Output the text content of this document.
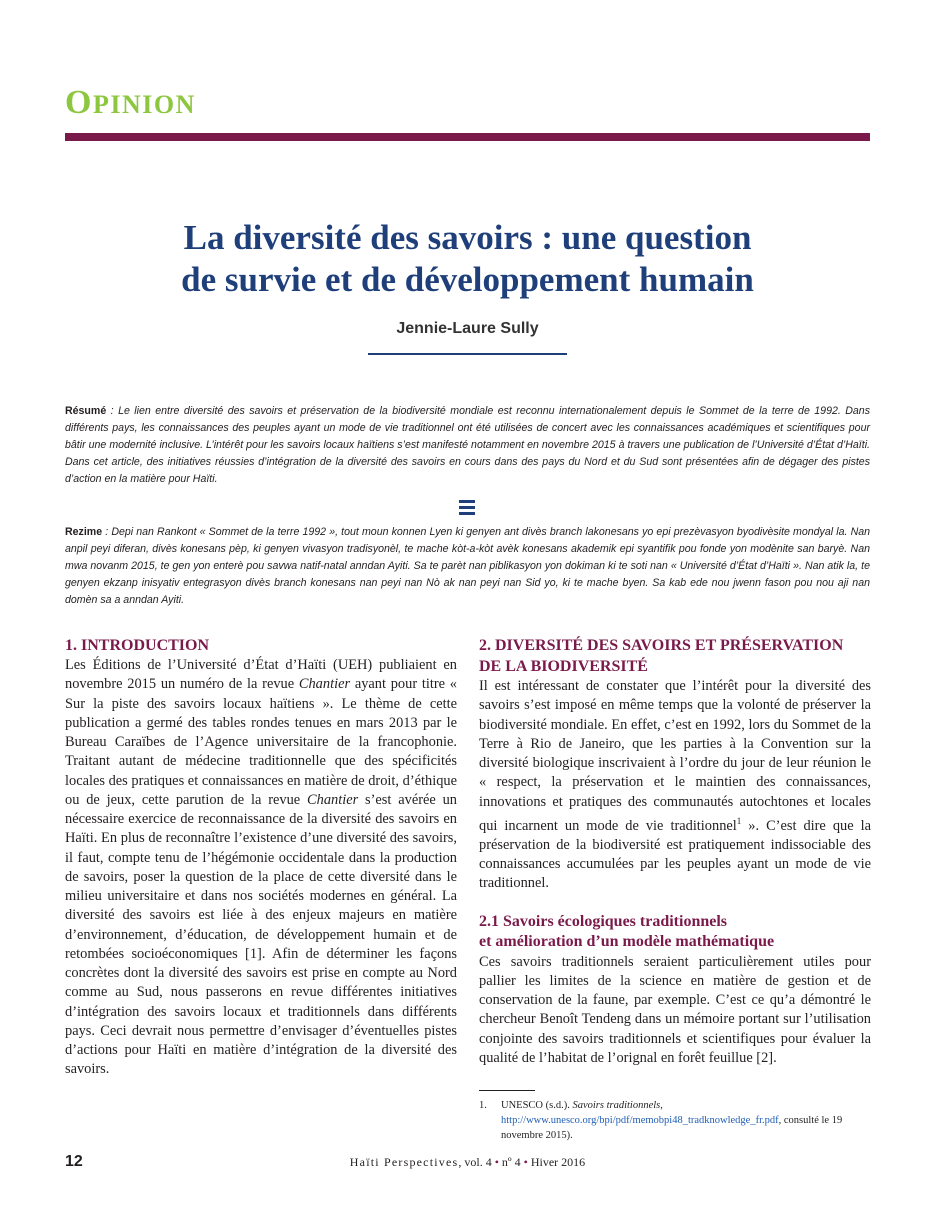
OPINION
La diversité des savoirs : une question
de survie et de développement humain
Jennie-Laure Sully
Résumé : Le lien entre diversité des savoirs et préservation de la biodiversité mondiale est reconnu internationalement depuis le Sommet de la terre de 1992. Dans différents pays, les connaissances des peuples ayant un mode de vie traditionnel ont été utilisées de concert avec les connaissances académiques et scientifiques pour bâtir une modernité inclusive. L’intérêt pour les savoirs locaux haïtiens s’est manifesté notamment en novembre 2015 à travers une publication de l’Université d’État d’Haïti. Dans cet article, des initiatives réussies d’intégration de la diversité des savoirs en cours dans des pays du Nord et du Sud sont présentées afin de dégager des pistes d’action en la matière pour Haïti.
Rezime : Depi nan Rankont « Sommet de la terre 1992 », tout moun konnen Lyen ki genyen ant divès branch lakonesans yo epi prezèvasyon byodivèsite mondyal la. Nan anpil peyi diferan, divès konesans pèp, ki genyen vivasyon tradisyonèl, te mache kòt-a-kòt avèk konesans akademik epi syantifik pou fonde yon modènite san baryè. Nan mwa novanm 2015, te gen yon enterè pou savwa natif-natal anndan Ayiti. Sa te parèt nan piblikasyon yon dokiman ki te soti nan « Université d’État d’Haïti ». Nan atik la, te genyen ekzanp inisyativ entegrasyon divès branch konesans nan peyi nan Nò ak nan peyi nan Sid yo, ki te mache byen. Sa kab ede nou jwenn fason pou nou aji nan domèn sa a anndan Ayiti.
1. INTRODUCTION

Les Éditions de l’Université d’État d’Haïti (UEH) publiaient en novembre 2015 un numéro de la revue Chantier ayant pour titre « Sur la piste des savoirs locaux haïtiens ». Le thème de cette publication a germé des tables rondes tenues en mars 2013 par le Bureau Caraïbes de l’Agence universitaire de la francophonie. Traitant autant de médecine traditionnelle que des spécificités locales des pratiques et connaissances en matière de droit, d’éthique ou de jeux, cette parution de la revue Chantier s’est avérée un nécessaire exercice de reconnaissance de la diversité des savoirs en Haïti. En plus de reconnaître l’existence d’une diversité des savoirs, il faut, compte tenu de l’hégémonie occidentale dans la production de savoirs, poser la question de la place de cette diversité dans le milieu universitaire et dans nos sociétés modernes en général. La diversité des savoirs est liée à des enjeux majeurs en matière d’environnement, d’éducation, de développement humain et de retombées socioéconomiques [1]. Afin de déterminer les façons concrètes dont la diversité des savoirs est prise en compte au Nord comme au Sud, nous passerons en revue différentes initiatives d’intégration des savoirs locaux et traditionnels dans différents pays. Ceci devrait nous permettre d’envisager d’éventuelles pistes d’actions pour Haïti en matière d’intégration de la diversité des savoirs.

2. DIVERSITÉ DES SAVOIRS ET PRÉSERVATION
DE LA BIODIVERSITÉ

Il est intéressant de constater que l’intérêt pour la diversité des savoirs s’est imposé en même temps que la volonté de préserver la biodiversité mondiale. En effet, c’est en 1992, lors du Sommet de la Terre à Rio de Janeiro, que les parties à la Convention sur la diversité biologique inscrivaient à l’ordre du jour de leur réunion le « respect, la préservation et le maintien des connaissances, innovations et pratiques des communautés autochtones et locales qui incarnent un mode de vie traditionnel$^1$ ». C’est dire que la préservation de la biodiversité est pratiquement indissociable des connaissances accumulées par les peuples ayant un mode de vie traditionnel.

2.1 Savoirs écologiques traditionnels
et amélioration d’un modèle mathématique

Ces savoirs traditionnels seraient particulièrement utiles pour pallier les limites de la science en matière de gestion et de conservation de la faune, par exemple. C’est ce qu’a démontré le chercheur Benoît Tendeng dans un mémoire portant sur l’utilisation conjointe des savoirs traditionnels et scientifiques pour évaluer la qualité de l’habitat de l’orignal en forêt feuillue [2].

1. UNESCO (s.d.). Savoirs traditionnels, http://www.unesco.org/bpi/pdf/memobpi48_tradknowledge_fr.pdf, consulté le 19 novembre 2015).
12	Haïti Perspectives, vol. 4 • nº 4 • Hiver 2016
